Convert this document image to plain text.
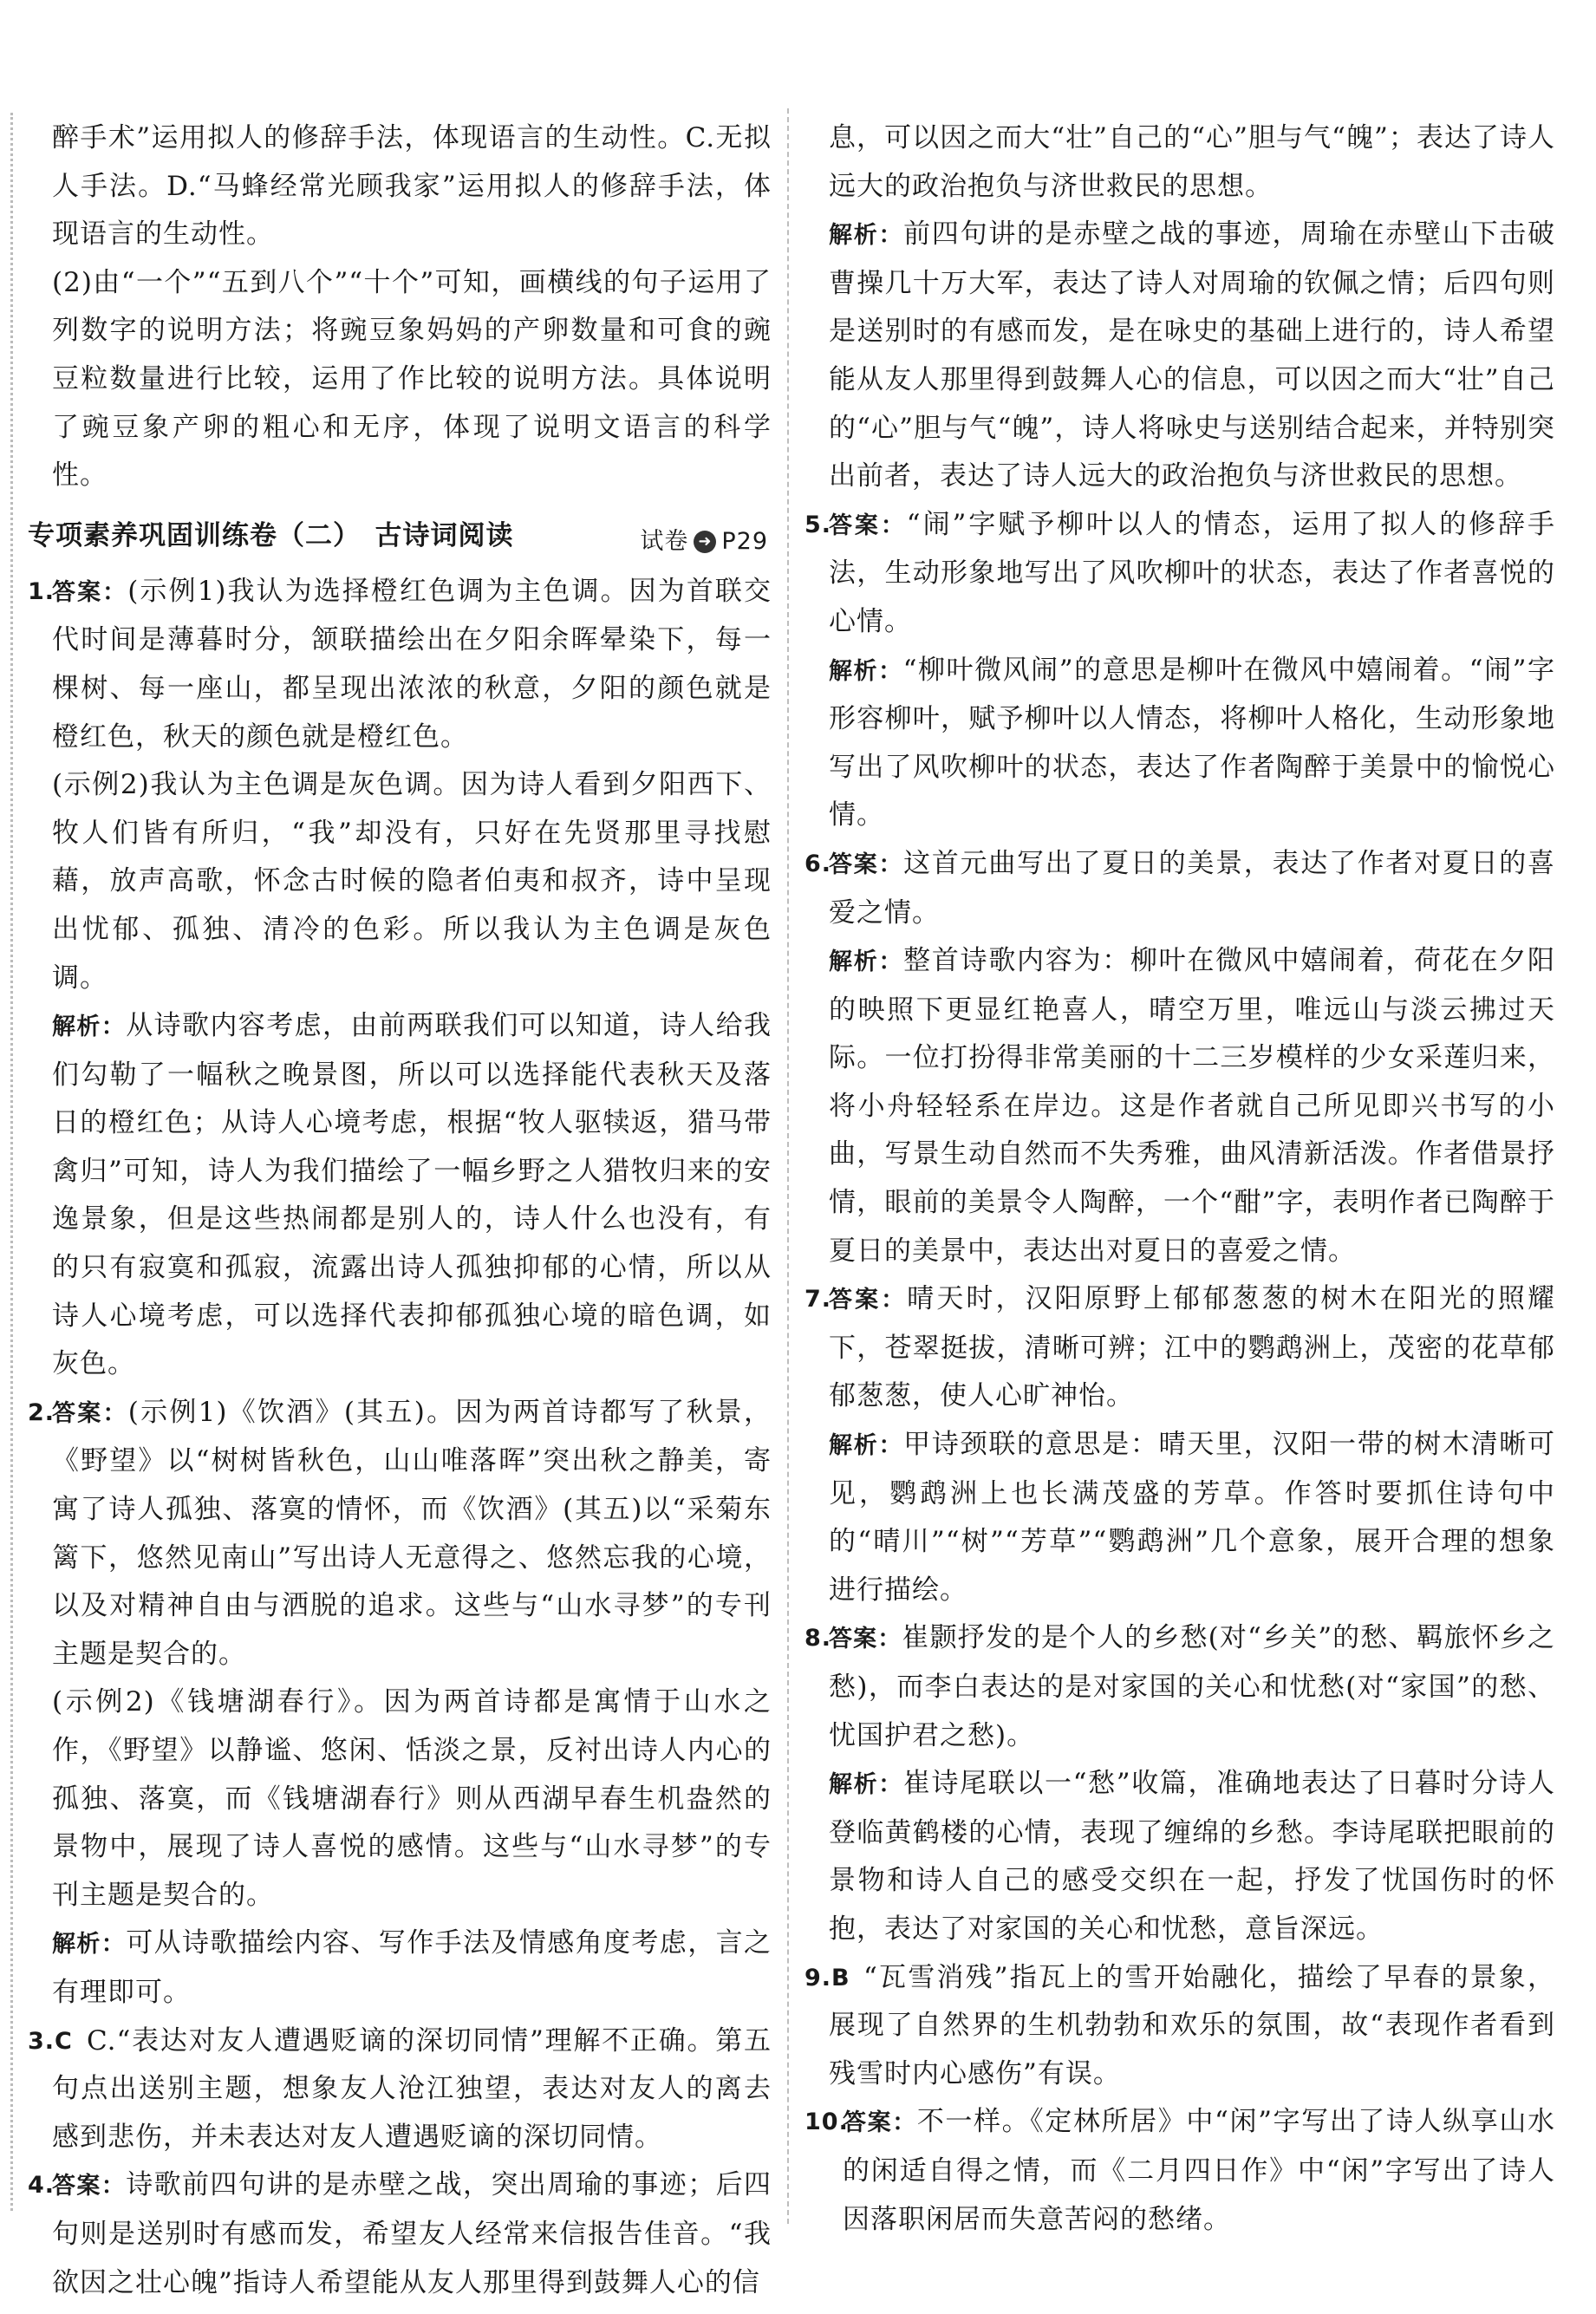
醉手术”运用拟人的修辞手法，体现语言的生动性。C.无拟人手法。D.“马蜂经常光顾我家”运用拟人的修辞手法，体现语言的生动性。

(2)由“一个”“五到八个”“十个”可知，画横线的句子运用了列数字的说明方法；将豌豆象妈妈的产卵数量和可食的豌豆粒数量进行比较，运用了作比较的说明方法。具体说明了豌豆象产卵的粗心和无序，体现了说明文语言的科学性。

专项素养巩固训练卷（二）　古诗词阅读	试卷 ➜ P29

1.
答案：(示例1)我认为选择橙红色调为主色调。因为首联交代时间是薄暮时分，颔联描绘出在夕阳余晖晕染下，每一棵树、每一座山，都呈现出浓浓的秋意，夕阳的颜色就是橙红色，秋天的颜色就是橙红色。

(示例2)我认为主色调是灰色调。因为诗人看到夕阳西下、牧人们皆有所归，“我”却没有，只好在先贤那里寻找慰藉，放声高歌，怀念古时候的隐者伯夷和叔齐，诗中呈现出忧郁、孤独、清冷的色彩。所以我认为主色调是灰色调。

解析：从诗歌内容考虑，由前两联我们可以知道，诗人给我们勾勒了一幅秋之晚景图，所以可以选择能代表秋天及落日的橙红色；从诗人心境考虑，根据“牧人驱犊返，猎马带禽归”可知，诗人为我们描绘了一幅乡野之人猎牧归来的安逸景象，但是这些热闹都是别人的，诗人什么也没有，有的只有寂寞和孤寂，流露出诗人孤独抑郁的心情，所以从诗人心境考虑，可以选择代表抑郁孤独心境的暗色调，如灰色。

2.
答案：(示例1)《饮酒》(其五)。因为两首诗都写了秋景，《野望》以“树树皆秋色，山山唯落晖”突出秋之静美，寄寓了诗人孤独、落寞的情怀，而《饮酒》(其五)以“采菊东篱下，悠然见南山”写出诗人无意得之、悠然忘我的心境，以及对精神自由与洒脱的追求。这些与“山水寻梦”的专刊主题是契合的。

(示例2)《钱塘湖春行》。因为两首诗都是寓情于山水之作，《野望》以静谧、悠闲、恬淡之景，反衬出诗人内心的孤独、落寞，而《钱塘湖春行》则从西湖早春生机盎然的景物中，展现了诗人喜悦的感情。这些与“山水寻梦”的专刊主题是契合的。

解析：可从诗歌描绘内容、写作手法及情感角度考虑，言之有理即可。

3.C C.“表达对友人遭遇贬谪的深切同情”理解不正确。第五句点出送别主题，想象友人沧江独望，表达对友人的离去感到悲伤，并未表达对友人遭遇贬谪的深切同情。

4.
答案：诗歌前四句讲的是赤壁之战，突出周瑜的事迹；后四句则是送别时有感而发，希望友人经常来信报告佳音。“我欲因之壮心魄”指诗人希望能从友人那里得到鼓舞人心的信

息，可以因之而大“壮”自己的“心”胆与气“魄”；表达了诗人远大的政治抱负与济世救民的思想。

解析：前四句讲的是赤壁之战的事迹，周瑜在赤壁山下击破曹操几十万大军，表达了诗人对周瑜的钦佩之情；后四句则是送别时的有感而发，是在咏史的基础上进行的，诗人希望能从友人那里得到鼓舞人心的信息，可以因之而大“壮”自己的“心”胆与气“魄”，诗人将咏史与送别结合起来，并特别突出前者，表达了诗人远大的政治抱负与济世救民的思想。

5.
答案：“闹”字赋予柳叶以人的情态，运用了拟人的修辞手法，生动形象地写出了风吹柳叶的状态，表达了作者喜悦的心情。

解析：“柳叶微风闹”的意思是柳叶在微风中嬉闹着。“闹”字形容柳叶，赋予柳叶以人情态，将柳叶人格化，生动形象地写出了风吹柳叶的状态，表达了作者陶醉于美景中的愉悦心情。

6.
答案：这首元曲写出了夏日的美景，表达了作者对夏日的喜爱之情。

解析：整首诗歌内容为：柳叶在微风中嬉闹着，荷花在夕阳的映照下更显红艳喜人，晴空万里，唯远山与淡云拂过天际。一位打扮得非常美丽的十二三岁模样的少女采莲归来，将小舟轻轻系在岸边。这是作者就自己所见即兴书写的小曲，写景生动自然而不失秀雅，曲风清新活泼。作者借景抒情，眼前的美景令人陶醉，一个“酣”字，表明作者已陶醉于夏日的美景中，表达出对夏日的喜爱之情。

7.
答案：晴天时，汉阳原野上郁郁葱葱的树木在阳光的照耀下，苍翠挺拔，清晰可辨；江中的鹦鹉洲上，茂密的花草郁郁葱葱，使人心旷神怡。

解析：甲诗颈联的意思是：晴天里，汉阳一带的树木清晰可见，鹦鹉洲上也长满茂盛的芳草。作答时要抓住诗句中的“晴川”“树”“芳草”“鹦鹉洲”几个意象，展开合理的想象进行描绘。

8.
答案：崔颢抒发的是个人的乡愁(对“乡关”的愁、羁旅怀乡之愁)，而李白表达的是对家国的关心和忧愁(对“家国”的愁、忧国护君之愁)。

解析：崔诗尾联以一“愁”收篇，准确地表达了日暮时分诗人登临黄鹤楼的心情，表现了缠绵的乡愁。李诗尾联把眼前的景物和诗人自己的感受交织在一起，抒发了忧国伤时的怀抱，表达了对家国的关心和忧愁，意旨深远。

9.B “瓦雪消残”指瓦上的雪开始融化，描绘了早春的景象，展现了自然界的生机勃勃和欢乐的氛围，故“表现作者看到残雪时内心感伤”有误。

10.
答案：不一样。《定林所居》中“闲”字写出了诗人纵享山水的闲适自得之情，而《二月四日作》中“闲”字写出了诗人因落职闲居而失意苦闷的愁绪。
